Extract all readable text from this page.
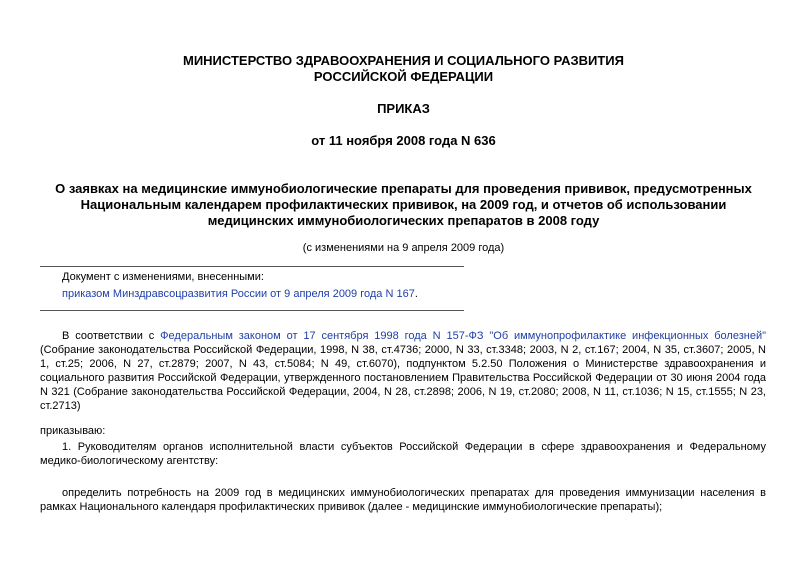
МИНИСТЕРСТВО ЗДРАВООХРАНЕНИЯ И СОЦИАЛЬНОГО РАЗВИТИЯ
РОССИЙСКОЙ ФЕДЕРАЦИИ
ПРИКАЗ
от 11 ноября 2008 года N 636
О заявках на медицинские иммунобиологические препараты для проведения прививок, предусмотренных
Национальным календарем профилактических прививок, на 2009 год, и отчетов об использовании
медицинских иммунобиологических препаратов в 2008 году
(с изменениями на 9 апреля 2009 года)
Документ с изменениями, внесенными:
приказом Минздравсоцразвития России от 9 апреля 2009 года N 167.
В соответствии с Федеральным законом от 17 сентября 1998 года N 157-ФЗ "Об иммунопрофилактике инфекционных болезней" (Собрание законодательства Российской Федерации, 1998, N 38, ст.4736; 2000, N 33, ст.3348; 2003, N 2, ст.167; 2004, N 35, ст.3607; 2005, N 1, ст.25; 2006, N 27, ст.2879; 2007, N 43, ст.5084; N 49, ст.6070), подпунктом 5.2.50 Положения о Министерстве здравоохранения и социального развития Российской Федерации, утвержденного постановлением Правительства Российской Федерации от 30 июня 2004 года N 321 (Собрание законодательства Российской Федерации, 2004, N 28, ст.2898; 2006, N 19, ст.2080; 2008, N 11, ст.1036; N 15, ст.1555; N 23, ст.2713)
приказываю:
1. Руководителям органов исполнительной власти субъектов Российской Федерации в сфере здравоохранения и Федеральному медико-биологическому агентству:
определить потребность на 2009 год в медицинских иммунобиологических препаратах для проведения иммунизации населения в рамках Национального календаря профилактических прививок (далее - медицинские иммунобиологические препараты);
